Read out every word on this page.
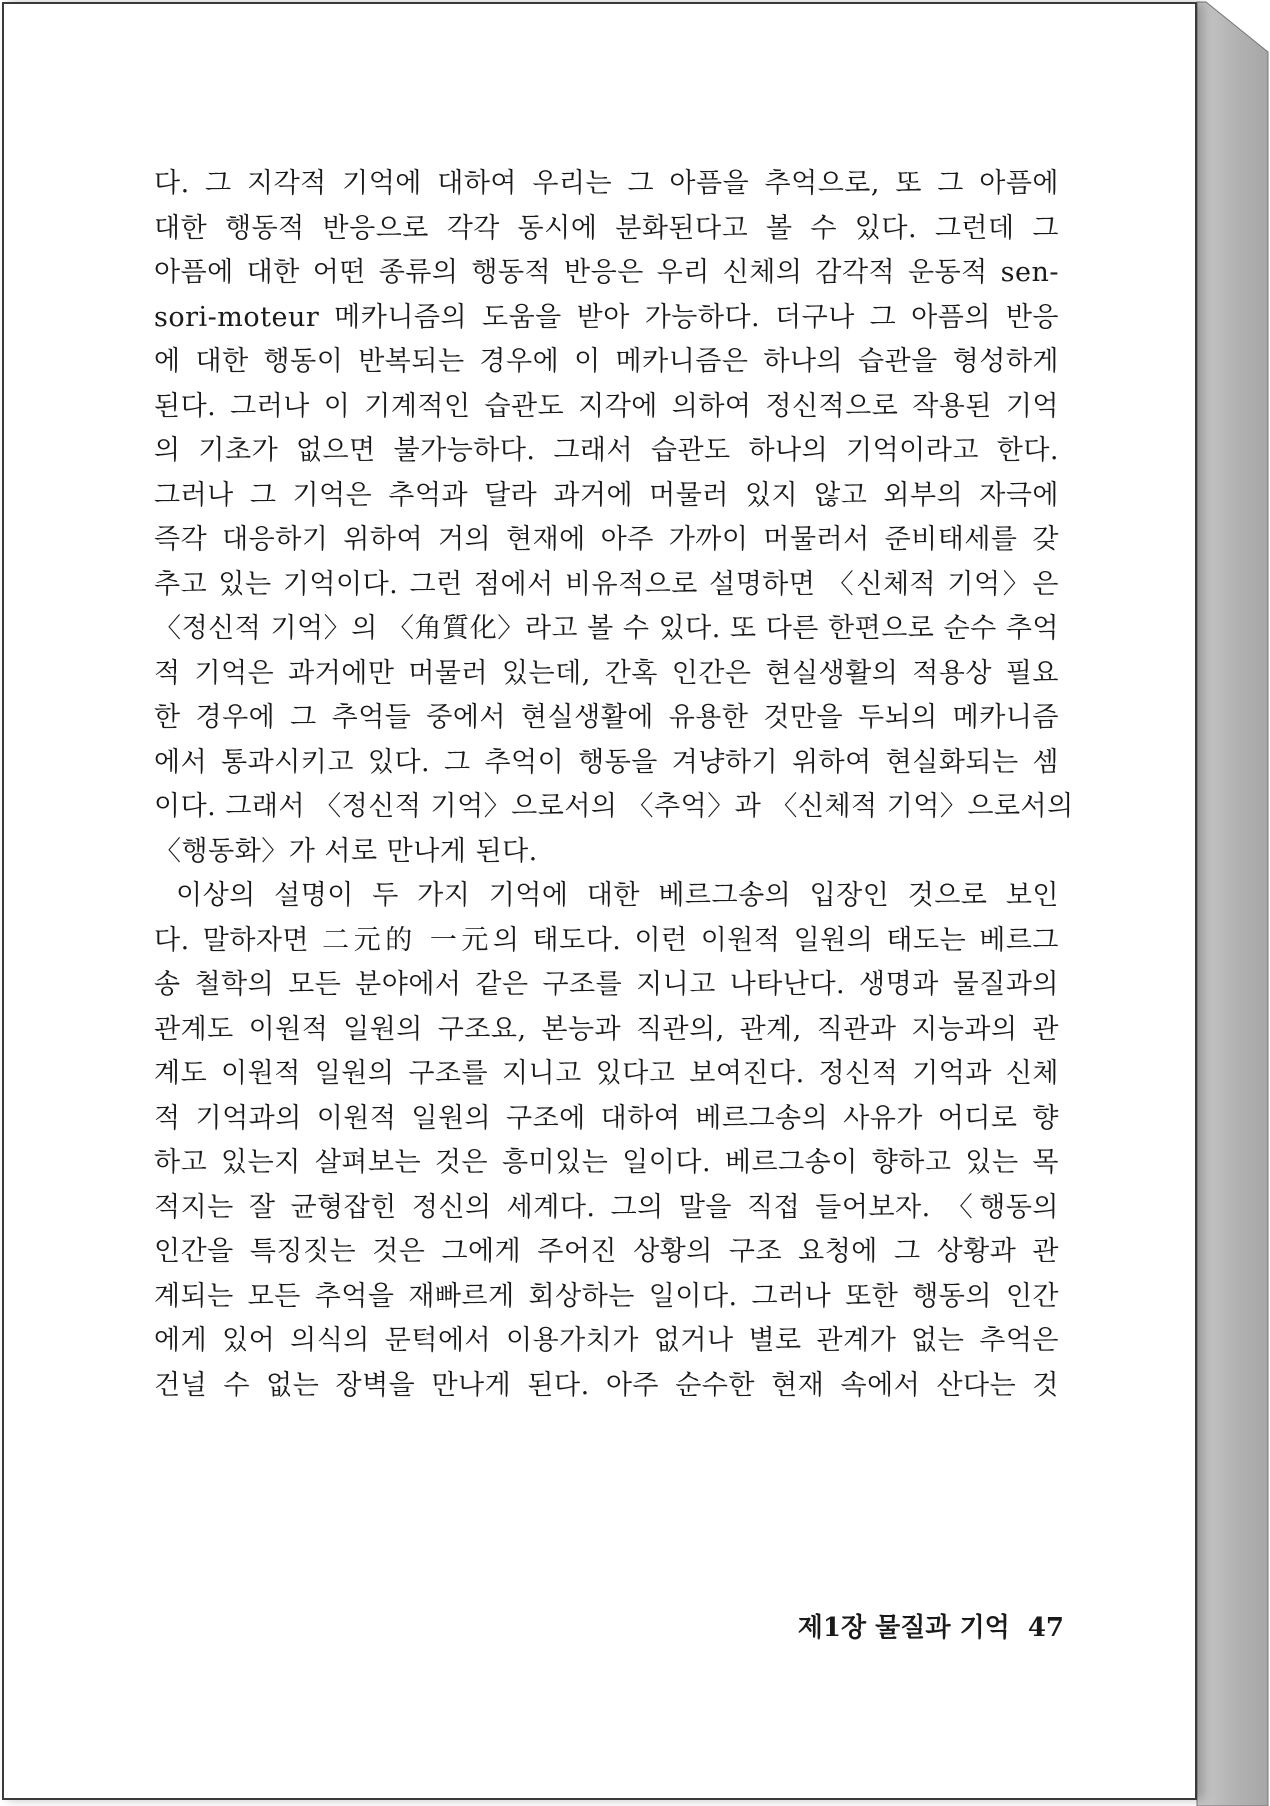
다. 그 지각적 기억에 대하여 우리는 그 아픔을 추억으로, 또 그 아픔에
대한 행동적 반응으로 각각 동시에 분화된다고 볼 수 있다. 그런데 그
아픔에 대한 어떤 종류의 행동적 반응은 우리 신체의 감각적 운동적 sen-
sori-moteur 메카니즘의 도움을 받아 가능하다. 더구나 그 아픔의 반응
에 대한 행동이 반복되는 경우에 이 메카니즘은 하나의 습관을 형성하게
된다. 그러나 이 기계적인 습관도 지각에 의하여 정신적으로 작용된 기억
의 기초가 없으면 불가능하다. 그래서 습관도 하나의 기억이라고 한다.
그러나 그 기억은 추억과 달라 과거에 머물러 있지 않고 외부의 자극에
즉각 대응하기 위하여 거의 현재에 아주 가까이 머물러서 준비태세를 갖
추고 있는 기억이다. 그런 점에서 비유적으로 설명하면 〈신체적 기억〉은
〈정신적 기억〉의 〈角質化〉라고 볼 수 있다. 또 다른 한편으로 순수 추억
적 기억은 과거에만 머물러 있는데, 간혹 인간은 현실생활의 적용상 필요
한 경우에 그 추억들 중에서 현실생활에 유용한 것만을 두뇌의 메카니즘
에서 통과시키고 있다. 그 추억이 행동을 겨냥하기 위하여 현실화되는 셈
이다. 그래서 〈정신적 기억〉으로서의 〈추억〉과 〈신체적 기억〉으로서의
〈행동화〉가 서로 만나게 된다.
이상의 설명이 두 가지 기억에 대한 베르그송의 입장인 것으로 보인
다. 말하자면 二元的 一元의 태도다. 이런 이원적 일원의 태도는 베르그
송 철학의 모든 분야에서 같은 구조를 지니고 나타난다. 생명과 물질과의
관계도 이원적 일원의 구조요, 본능과 직관의, 관계, 직관과 지능과의 관
계도 이원적 일원의 구조를 지니고 있다고 보여진다. 정신적 기억과 신체
적 기억과의 이원적 일원의 구조에 대하여 베르그송의 사유가 어디로 향
하고 있는지 살펴보는 것은 흥미있는 일이다. 베르그송이 향하고 있는 목
적지는 잘 균형잡힌 정신의 세계다. 그의 말을 직접 들어보자. 〈행동의
인간을 특징짓는 것은 그에게 주어진 상황의 구조 요청에 그 상황과 관
계되는 모든 추억을 재빠르게 회상하는 일이다. 그러나 또한 행동의 인간
에게 있어 의식의 문턱에서 이용가치가 없거나 별로 관계가 없는 추억은
건널 수 없는 장벽을 만나게 된다. 아주 순수한 현재 속에서 산다는 것
제1장 물질과 기억 47
